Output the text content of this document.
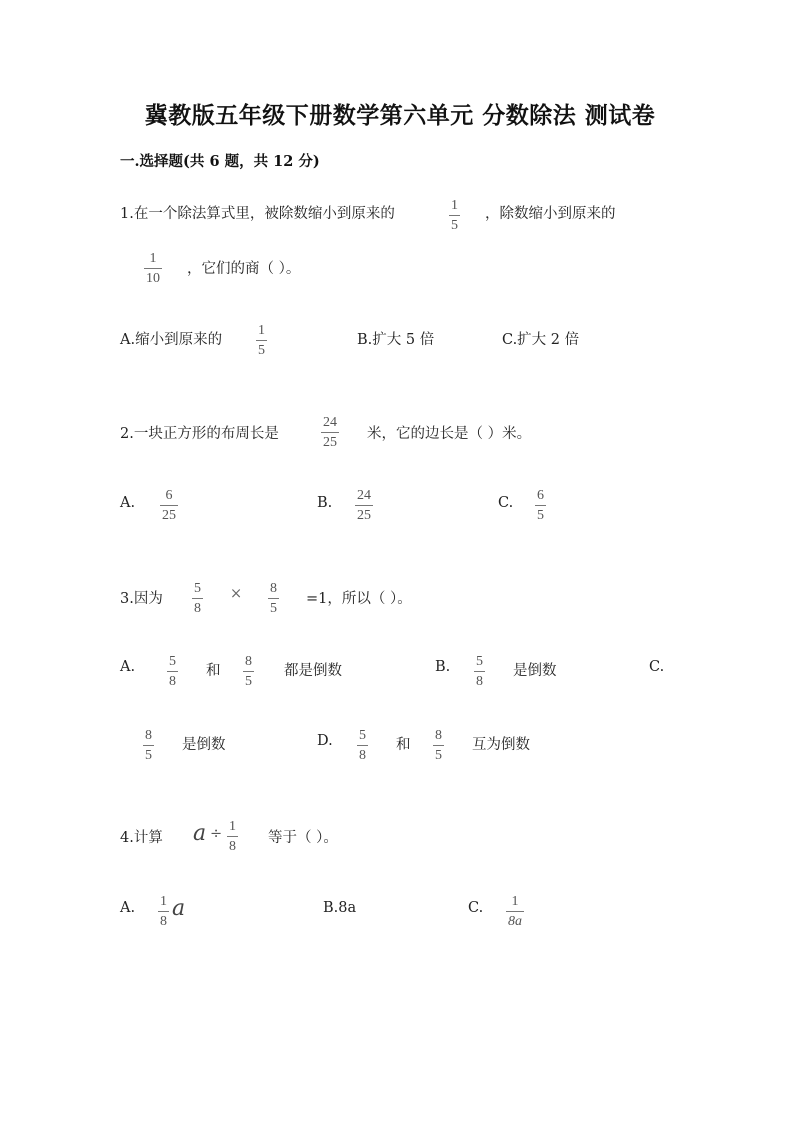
冀教版五年级下册数学第六单元 分数除法 测试卷
一.选择题(共 6 题，共 12 分)
1.在一个除法算式里，被除数缩小到原来的
1
5
，除数缩小到原来的
1
10
，它们的商（ ）。
A.缩小到原来的
1
5
B.扩大 5 倍	C.扩大 2 倍
2.一块正方形的布周长是
24
25
米，它的边长是（ ）米。
A. 6
25
B. 24
25
C. 6
5
3.因为
5
8
× 8
5
=1，所以（ ）。
A. 5
8
和
8
5
都是倒数	B. 5
8
是倒数	C.
8
5
是倒数	D. 5
8
和
8
5
互为倒数
4.计算 a ÷ 1
8
等于（ ）。
A. 1
8
a	B.8a	C. 1
8a
